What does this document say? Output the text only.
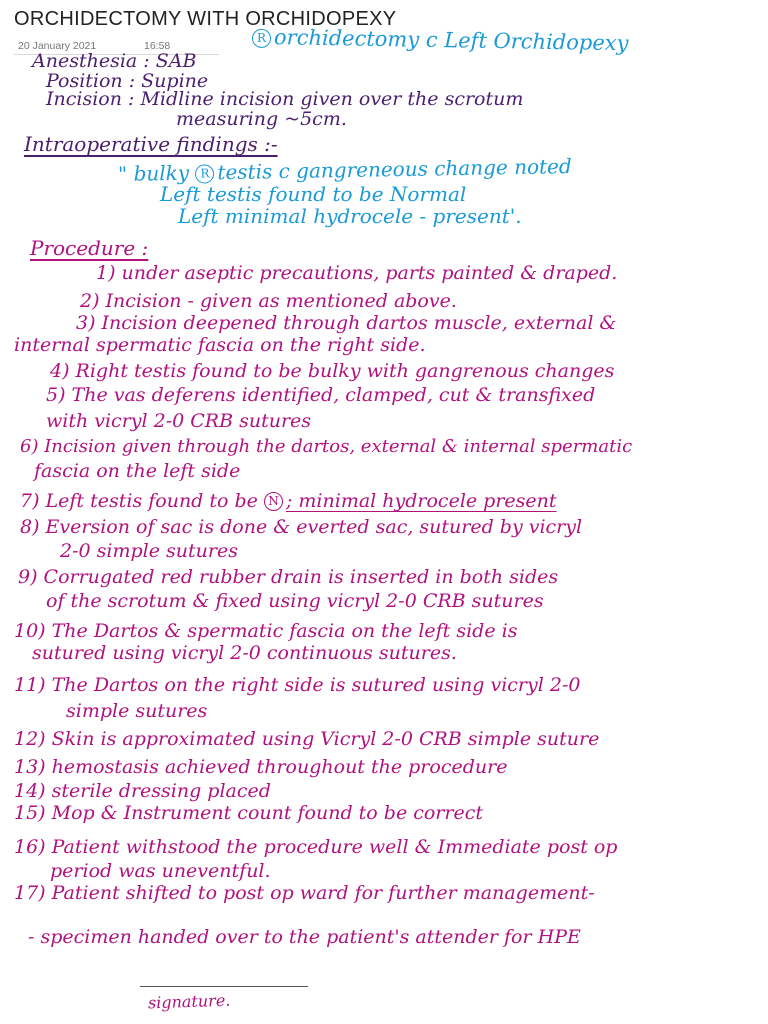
ORCHIDECTOMY WITH ORCHIDOPEXY
20 January 2021	16:58
R orchidectomy c Left Orchidopexy
Anesthesia : SAB
Position : Supine
Incision : Midline incision given over the scrotum
measuring ~5cm.
Intraoperative findings :-
" bulky R testis c gangreneous change noted
Left testis found to be Normal
Left minimal hydrocele - present'.
Procedure :
1) under aseptic precautions, parts painted & draped.
2) Incision - given as mentioned above.
3) Incision deepened through dartos muscle, external &
internal spermatic fascia on the right side.
4) Right testis found to be bulky with gangrenous changes
5) The vas deferens identified, clamped, cut & transfixed
with vicryl 2-0 CRB sutures
6) Incision given through the dartos, external & internal spermatic
fascia on the left side
7) Left testis found to be N ; minimal hydrocele present
8) Eversion of sac is done & everted sac, sutured by vicryl
2-0 simple sutures
9) Corrugated red rubber drain is inserted in both sides
of the scrotum & fixed using vicryl 2-0 CRB sutures
10) The Dartos & spermatic fascia on the left side is
sutured using vicryl 2-0 continuous sutures.
11) The Dartos on the right side is sutured using vicryl 2-0
simple sutures
12) Skin is approximated using Vicryl 2-0 CRB simple suture
13) hemostasis achieved throughout the procedure
14) sterile dressing placed
15) Mop & Instrument count found to be correct
16) Patient withstood the procedure well & Immediate post op
period was uneventful.
17) Patient shifted to post op ward for further management-
- specimen handed over to the patient's attender for HPE
signature.
